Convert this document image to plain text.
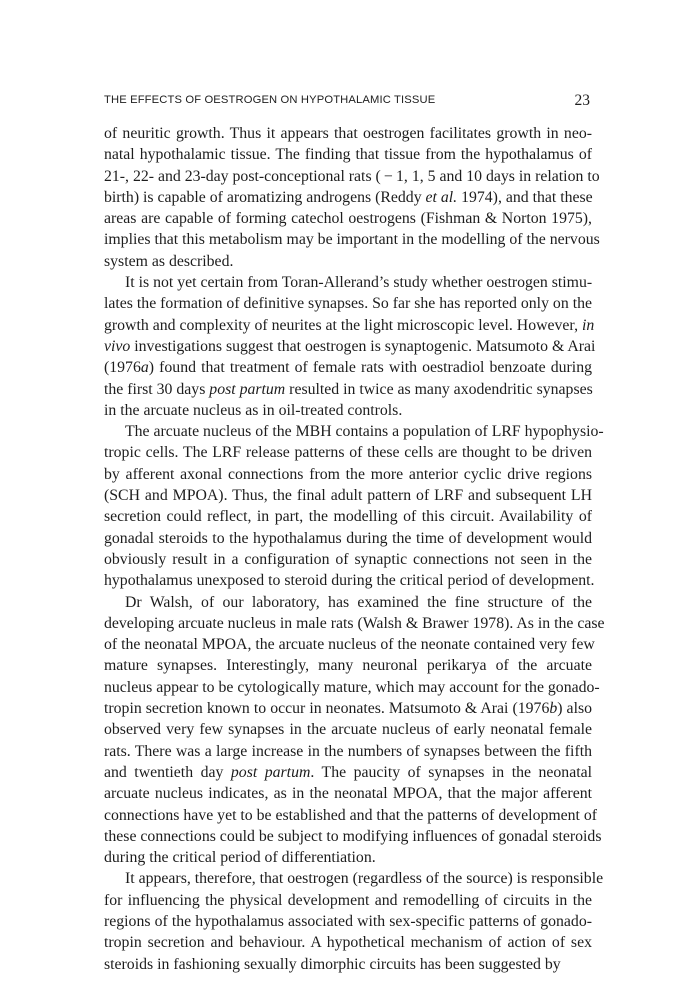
THE EFFECTS OF OESTROGEN ON HYPOTHALAMIC TISSUE	23

of neuritic growth. Thus it appears that oestrogen facilitates growth in neo-
natal hypothalamic tissue. The finding that tissue from the hypothalamus of
21-, 22- and 23-day post-conceptional rats ( − 1, 1, 5 and 10 days in relation to
birth) is capable of aromatizing androgens (Reddy et al. 1974), and that these
areas are capable of forming catechol oestrogens (Fishman & Norton 1975),
implies that this metabolism may be important in the modelling of the nervous
system as described.

It is not yet certain from Toran-Allerand’s study whether oestrogen stimu-
lates the formation of definitive synapses. So far she has reported only on the
growth and complexity of neurites at the light microscopic level. However, in
vivo investigations suggest that oestrogen is synaptogenic. Matsumoto & Arai
(1976a) found that treatment of female rats with oestradiol benzoate during
the first 30 days post partum resulted in twice as many axodendritic synapses
in the arcuate nucleus as in oil-treated controls.

The arcuate nucleus of the MBH contains a population of LRF hypophysio-
tropic cells. The LRF release patterns of these cells are thought to be driven
by afferent axonal connections from the more anterior cyclic drive regions
(SCH and MPOA). Thus, the final adult pattern of LRF and subsequent LH
secretion could reflect, in part, the modelling of this circuit. Availability of
gonadal steroids to the hypothalamus during the time of development would
obviously result in a configuration of synaptic connections not seen in the
hypothalamus unexposed to steroid during the critical period of development.

Dr Walsh, of our laboratory, has examined the fine structure of the
developing arcuate nucleus in male rats (Walsh & Brawer 1978). As in the case
of the neonatal MPOA, the arcuate nucleus of the neonate contained very few
mature synapses. Interestingly, many neuronal perikarya of the arcuate
nucleus appear to be cytologically mature, which may account for the gonado-
tropin secretion known to occur in neonates. Matsumoto & Arai (1976b) also
observed very few synapses in the arcuate nucleus of early neonatal female
rats. There was a large increase in the numbers of synapses between the fifth
and twentieth day post partum. The paucity of synapses in the neonatal
arcuate nucleus indicates, as in the neonatal MPOA, that the major afferent
connections have yet to be established and that the patterns of development of
these connections could be subject to modifying influences of gonadal steroids
during the critical period of differentiation.

It appears, therefore, that oestrogen (regardless of the source) is responsible
for influencing the physical development and remodelling of circuits in the
regions of the hypothalamus associated with sex-specific patterns of gonado-
tropin secretion and behaviour. A hypothetical mechanism of action of sex
steroids in fashioning sexually dimorphic circuits has been suggested by
